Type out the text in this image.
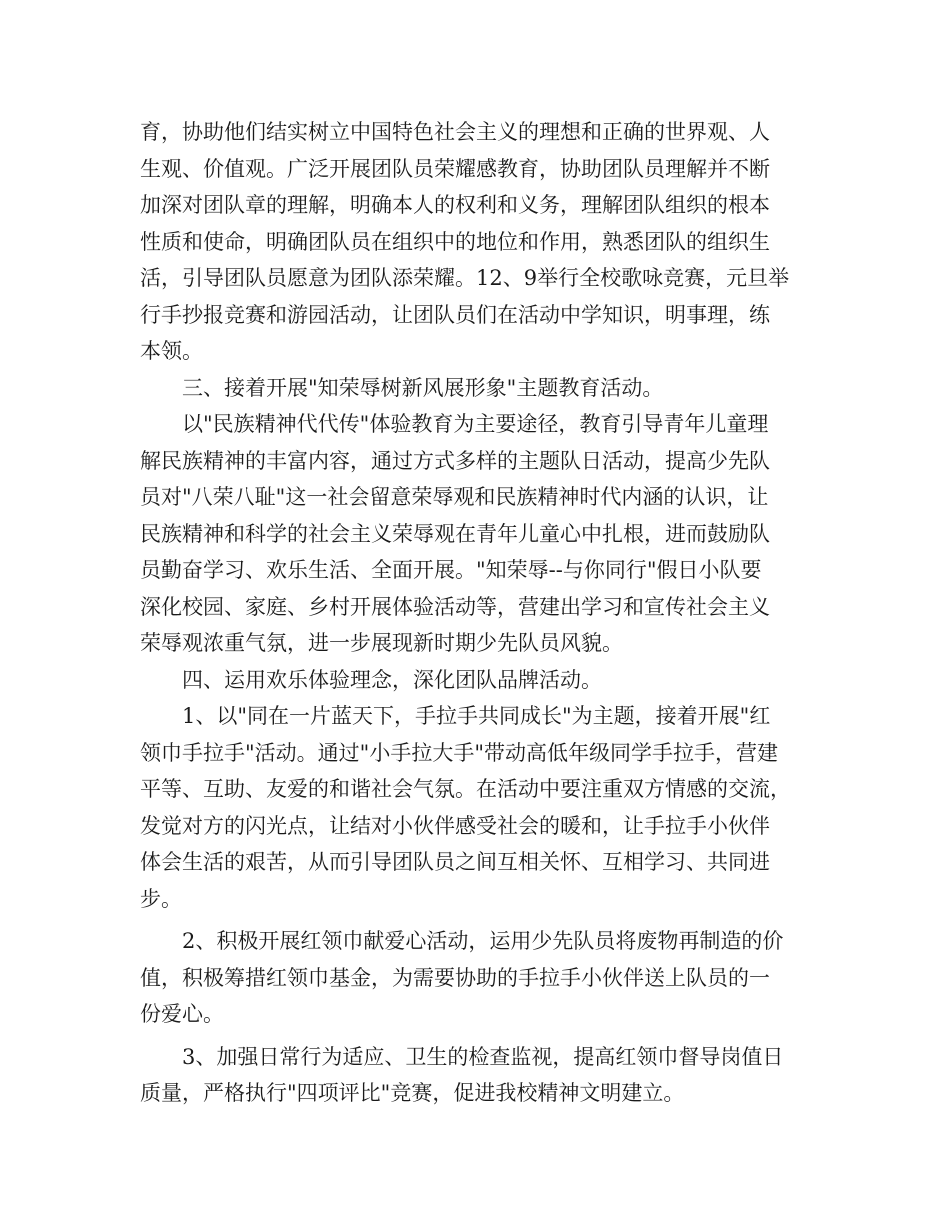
育，协助他们结实树立中国特色社会主义的理想和正确的世界观、人
生观、价值观。广泛开展团队员荣耀感教育，协助团队员理解并不断
加深对团队章的理解，明确本人的权利和义务，理解团队组织的根本
性质和使命，明确团队员在组织中的地位和作用，熟悉团队的组织生
活，引导团队员愿意为团队添荣耀。12、9举行全校歌咏竞赛，元旦举
行手抄报竞赛和游园活动，让团队员们在活动中学知识，明事理，练
本领。
　　三、接着开展"知荣辱树新风展形象"主题教育活动。
　　以"民族精神代代传"体验教育为主要途径，教育引导青年儿童理
解民族精神的丰富内容，通过方式多样的主题队日活动，提高少先队
员对"八荣八耻"这一社会留意荣辱观和民族精神时代内涵的认识，让
民族精神和科学的社会主义荣辱观在青年儿童心中扎根，进而鼓励队
员勤奋学习、欢乐生活、全面开展。"知荣辱--与你同行"假日小队要
深化校园、家庭、乡村开展体验活动等，营建出学习和宣传社会主义
荣辱观浓重气氛，进一步展现新时期少先队员风貌。
　　四、运用欢乐体验理念，深化团队品牌活动。
　　1、以"同在一片蓝天下，手拉手共同成长"为主题，接着开展"红
领巾手拉手"活动。通过"小手拉大手"带动高低年级同学手拉手，营建
平等、互助、友爱的和谐社会气氛。在活动中要注重双方情感的交流，
发觉对方的闪光点，让结对小伙伴感受社会的暖和，让手拉手小伙伴
体会生活的艰苦，从而引导团队员之间互相关怀、互相学习、共同进
步。
　　2、积极开展红领巾献爱心活动，运用少先队员将废物再制造的价
值，积极筹措红领巾基金，为需要协助的手拉手小伙伴送上队员的一
份爱心。
　　3、加强日常行为适应、卫生的检查监视，提高红领巾督导岗值日
质量，严格执行"四项评比"竞赛，促进我校精神文明建立。
